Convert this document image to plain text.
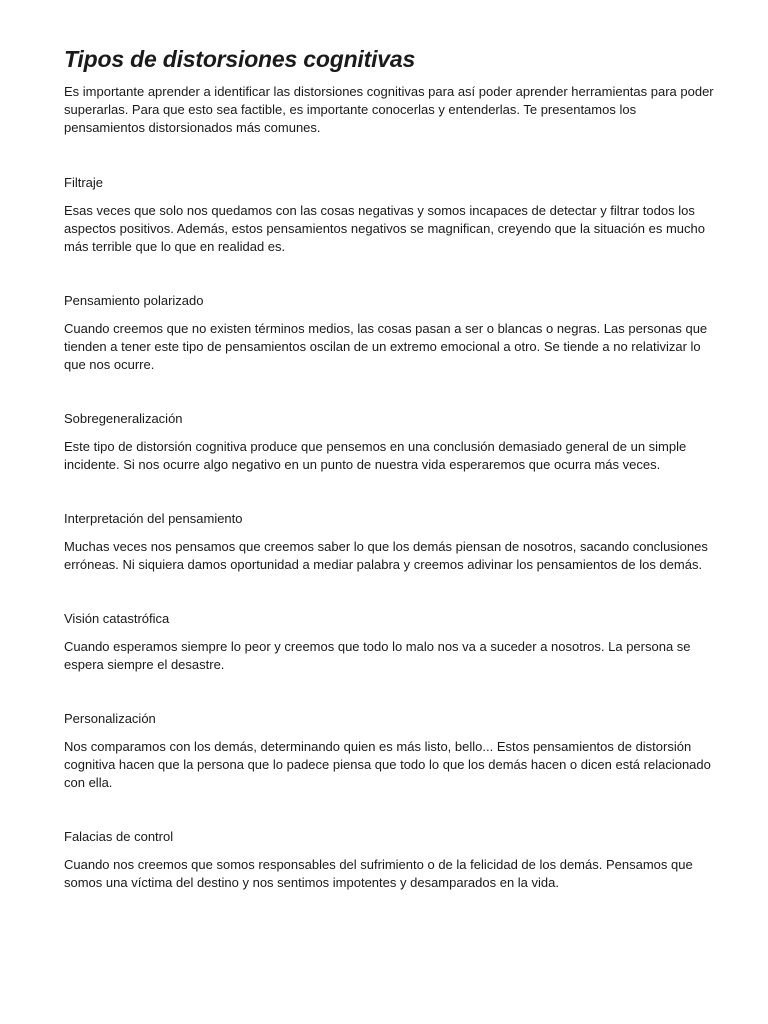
Tipos de distorsiones cognitivas

Es importante aprender a identificar las distorsiones cognitivas para así poder aprender herramientas para poder superarlas. Para que esto sea factible, es importante conocerlas y entenderlas. Te presentamos los pensamientos distorsionados más comunes.

Filtraje

Esas veces que solo nos quedamos con las cosas negativas y somos incapaces de detectar y filtrar todos los aspectos positivos. Además, estos pensamientos negativos se magnifican, creyendo que la situación es mucho más terrible que lo que en realidad es.

Pensamiento polarizado

Cuando creemos que no existen términos medios, las cosas pasan a ser o blancas o negras. Las personas que tienden a tener este tipo de pensamientos oscilan de un extremo emocional a otro. Se tiende a no relativizar lo que nos ocurre.

Sobregeneralización

Este tipo de distorsión cognitiva produce que pensemos en una conclusión demasiado general de un simple incidente. Si nos ocurre algo negativo en un punto de nuestra vida esperaremos que ocurra más veces.

Interpretación del pensamiento

Muchas veces nos pensamos que creemos saber lo que los demás piensan de nosotros, sacando conclusiones erróneas. Ni siquiera damos oportunidad a mediar palabra y creemos adivinar los pensamientos de los demás.

Visión catastrófica

Cuando esperamos siempre lo peor y creemos que todo lo malo nos va a suceder a nosotros. La persona se espera siempre el desastre.

Personalización

Nos comparamos con los demás, determinando quien es más listo, bello... Estos pensamientos de distorsión cognitiva hacen que la persona que lo padece piensa que todo lo que los demás hacen o dicen está relacionado con ella.

Falacias de control

Cuando nos creemos que somos responsables del sufrimiento o de la felicidad de los demás. Pensamos que somos una víctima del destino y nos sentimos impotentes y desamparados en la vida.
